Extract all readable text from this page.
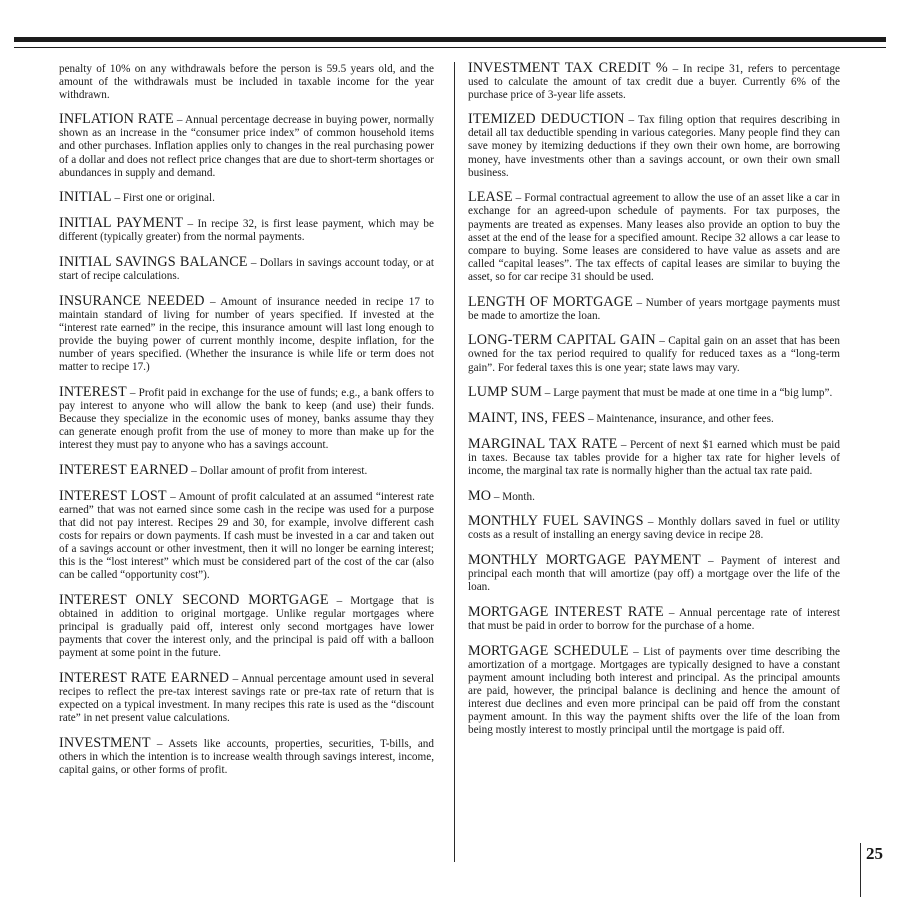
penalty of 10% on any withdrawals before the person is 59.5 years old, and the amount of the withdrawals must be included in taxable income for the year withdrawn.

INFLATION RATE – Annual percentage decrease in buying power, normally shown as an increase in the “consumer price index” of common household items and other purchases. Inflation applies only to changes in the real purchasing power of a dollar and does not reflect price changes that are due to short-term shortages or abundances in supply and demand.

INITIAL – First one or original.

INITIAL PAYMENT – In recipe 32, is first lease payment, which may be different (typically greater) from the normal payments.

INITIAL SAVINGS BALANCE – Dollars in savings account today, or at start of recipe calculations.

INSURANCE NEEDED – Amount of insurance needed in recipe 17 to maintain standard of living for number of years specified. If invested at the “interest rate earned” in the recipe, this insurance amount will last long enough to provide the buying power of current monthly income, despite inflation, for the number of years specified. (Whether the insurance is while life or term does not matter to recipe 17.)

INTEREST – Profit paid in exchange for the use of funds; e.g., a bank offers to pay interest to anyone who will allow the bank to keep (and use) their funds. Because they specialize in the economic uses of money, banks assume thay they can generate enough profit from the use of money to more than make up for the interest they must pay to anyone who has a savings account.

INTEREST EARNED – Dollar amount of profit from interest.

INTEREST LOST – Amount of profit calculated at an assumed “interest rate earned” that was not earned since some cash in the recipe was used for a purpose that did not pay interest. Recipes 29 and 30, for example, involve different cash costs for repairs or down payments. If cash must be invested in a car and taken out of a savings account or other investment, then it will no longer be earning interest; this is the “lost interest” which must be considered part of the cost of the car (also can be called “opportunity cost”).

INTEREST ONLY SECOND MORTGAGE – Mortgage that is obtained in addition to original mortgage. Unlike regular mortgages where principal is gradually paid off, interest only second mortgages have lower payments that cover the interest only, and the principal is paid off with a balloon payment at some point in the future.

INTEREST RATE EARNED – Annual percentage amount used in several recipes to reflect the pre-tax interest savings rate or pre-tax rate of return that is expected on a typical investment. In many recipes this rate is used as the “discount rate” in net present value calculations.

INVESTMENT – Assets like accounts, properties, securities, T-bills, and others in which the intention is to increase wealth through savings interest, income, capital gains, or other forms of profit.

INVESTMENT TAX CREDIT % – In recipe 31, refers to percentage used to calculate the amount of tax credit due a buyer. Currently 6% of the purchase price of 3-year life assets.

ITEMIZED DEDUCTION – Tax filing option that requires describing in detail all tax deductible spending in various categories. Many people find they can save money by itemizing deductions if they own their own home, are borrowing money, have investments other than a savings account, or own their own small business.

LEASE – Formal contractual agreement to allow the use of an asset like a car in exchange for an agreed-upon schedule of payments. For tax purposes, the payments are treated as expenses. Many leases also provide an option to buy the asset at the end of the lease for a specified amount. Recipe 32 allows a car lease to compare to buying. Some leases are considered to have value as assets and are called “capital leases”. The tax effects of capital leases are similar to buying the asset, so for car recipe 31 should be used.

LENGTH OF MORTGAGE – Number of years mortgage payments must be made to amortize the loan.

LONG-TERM CAPITAL GAIN – Capital gain on an asset that has been owned for the tax period required to qualify for reduced taxes as a “long-term gain”. For federal taxes this is one year; state laws may vary.

LUMP SUM – Large payment that must be made at one time in a “big lump”.

MAINT, INS, FEES – Maintenance, insurance, and other fees.

MARGINAL TAX RATE – Percent of next $1 earned which must be paid in taxes. Because tax tables provide for a higher tax rate for higher levels of income, the marginal tax rate is normally higher than the actual tax rate paid.

MO – Month.

MONTHLY FUEL SAVINGS – Monthly dollars saved in fuel or utility costs as a result of installing an energy saving device in recipe 28.

MONTHLY MORTGAGE PAYMENT – Payment of interest and principal each month that will amortize (pay off) a mortgage over the life of the loan.

MORTGAGE INTEREST RATE – Annual percentage rate of interest that must be paid in order to borrow for the purchase of a home.

MORTGAGE SCHEDULE – List of payments over time describing the amortization of a mortgage. Mortgages are typically designed to have a constant payment amount including both interest and principal. As the principal amounts are paid, however, the principal balance is declining and hence the amount of interest due declines and even more principal can be paid off from the constant payment amount. In this way the payment shifts over the life of the loan from being mostly interest to mostly principal until the mortgage is paid off.

25
